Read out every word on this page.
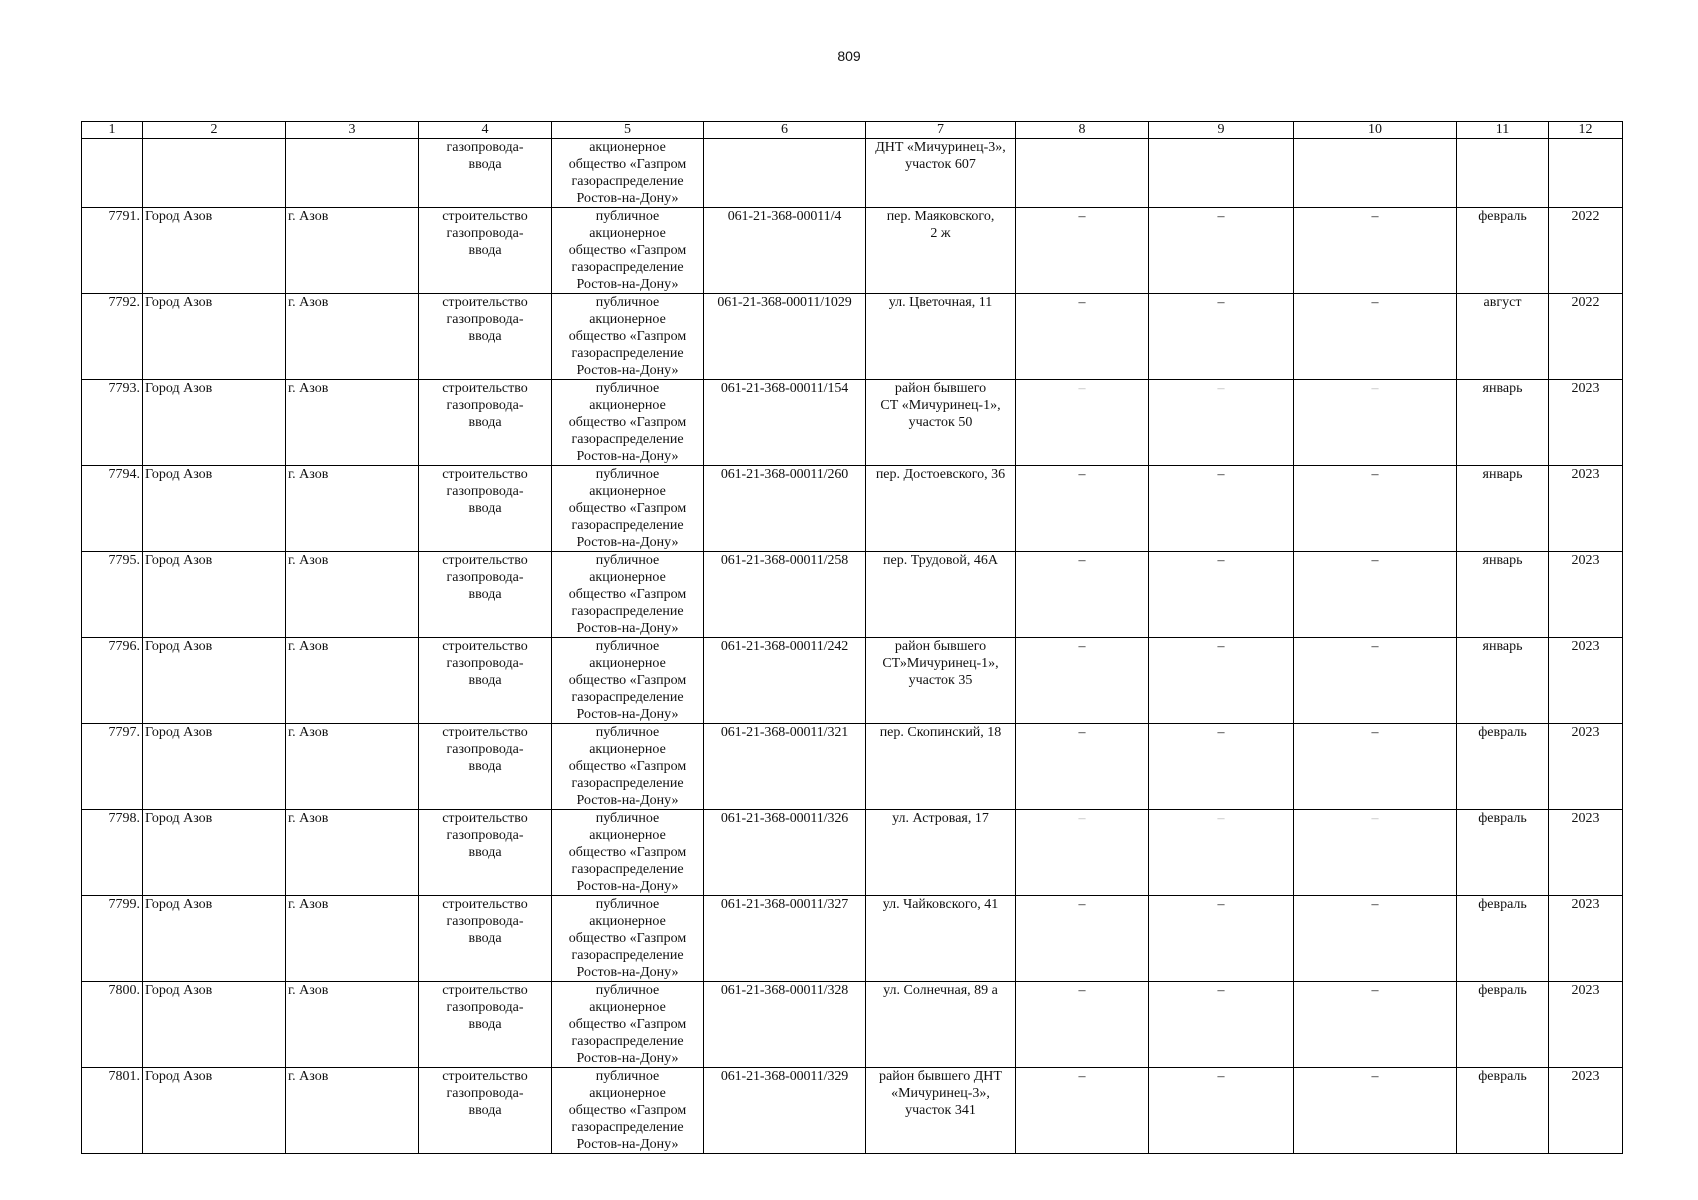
809
1	2	3	4	5	6	7	8	9	10	11	12
			газопровода-
ввода	акционерное
общество «Газпром
газораспределение
Ростов-на-Дону»		ДНТ «Мичуринец-3»,
участок 607					
7791.	Город Азов	г. Азов	строительство
газопровода-
ввода	публичное
акционерное
общество «Газпром
газораспределение
Ростов-на-Дону»	061-21-368-00011/4	пер. Маяковского,
2 ж	–	–	–	февраль	2022
7792.	Город Азов	г. Азов	строительство
газопровода-
ввода	публичное
акционерное
общество «Газпром
газораспределение
Ростов-на-Дону»	061-21-368-00011/1029	ул. Цветочная, 11	–	–	–	август	2022
7793.	Город Азов	г. Азов	строительство
газопровода-
ввода	публичное
акционерное
общество «Газпром
газораспределение
Ростов-на-Дону»	061-21-368-00011/154	район бывшего
СТ «Мичуринец-1»,
участок 50	–	–	–	январь	2023
7794.	Город Азов	г. Азов	строительство
газопровода-
ввода	публичное
акционерное
общество «Газпром
газораспределение
Ростов-на-Дону»	061-21-368-00011/260	пер. Достоевского, 36	–	–	–	январь	2023
7795.	Город Азов	г. Азов	строительство
газопровода-
ввода	публичное
акционерное
общество «Газпром
газораспределение
Ростов-на-Дону»	061-21-368-00011/258	пер. Трудовой, 46А	–	–	–	январь	2023
7796.	Город Азов	г. Азов	строительство
газопровода-
ввода	публичное
акционерное
общество «Газпром
газораспределение
Ростов-на-Дону»	061-21-368-00011/242	район бывшего
СТ»Мичуринец-1»,
участок 35	–	–	–	январь	2023
7797.	Город Азов	г. Азов	строительство
газопровода-
ввода	публичное
акционерное
общество «Газпром
газораспределение
Ростов-на-Дону»	061-21-368-00011/321	пер. Скопинский, 18	–	–	–	февраль	2023
7798.	Город Азов	г. Азов	строительство
газопровода-
ввода	публичное
акционерное
общество «Газпром
газораспределение
Ростов-на-Дону»	061-21-368-00011/326	ул. Астровая, 17	–	–	–	февраль	2023
7799.	Город Азов	г. Азов	строительство
газопровода-
ввода	публичное
акционерное
общество «Газпром
газораспределение
Ростов-на-Дону»	061-21-368-00011/327	ул. Чайковского, 41	–	–	–	февраль	2023
7800.	Город Азов	г. Азов	строительство
газопровода-
ввода	публичное
акционерное
общество «Газпром
газораспределение
Ростов-на-Дону»	061-21-368-00011/328	ул. Солнечная, 89 а	–	–	–	февраль	2023
7801.	Город Азов	г. Азов	строительство
газопровода-
ввода	публичное
акционерное
общество «Газпром
газораспределение
Ростов-на-Дону»	061-21-368-00011/329	район бывшего ДНТ
«Мичуринец-3»,
участок 341	–	–	–	февраль	2023
